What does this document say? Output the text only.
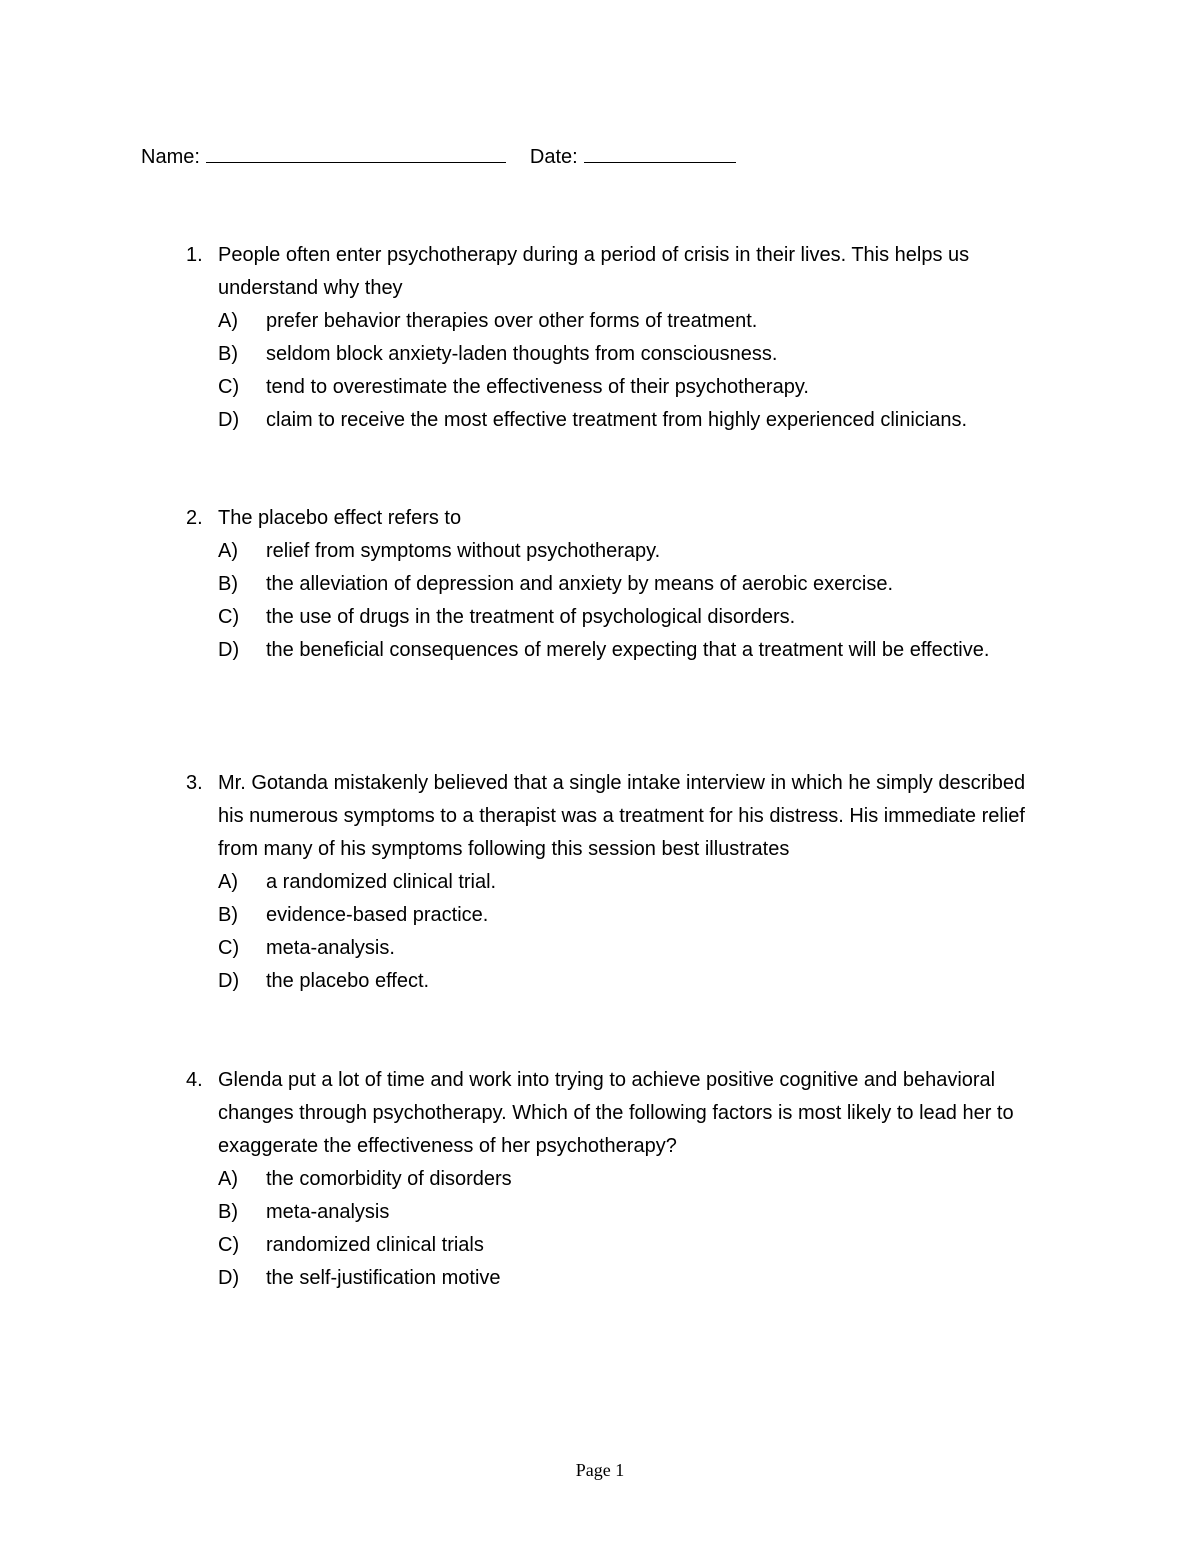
Name:	Date:
1. People often enter psychotherapy during a period of crisis in their lives. This helps us understand why they
A) prefer behavior therapies over other forms of treatment.
B) seldom block anxiety-laden thoughts from consciousness.
C) tend to overestimate the effectiveness of their psychotherapy.
D) claim to receive the most effective treatment from highly experienced clinicians.
2. The placebo effect refers to
A) relief from symptoms without psychotherapy.
B) the alleviation of depression and anxiety by means of aerobic exercise.
C) the use of drugs in the treatment of psychological disorders.
D) the beneficial consequences of merely expecting that a treatment will be effective.
3. Mr. Gotanda mistakenly believed that a single intake interview in which he simply described his numerous symptoms to a therapist was a treatment for his distress. His immediate relief from many of his symptoms following this session best illustrates
A) a randomized clinical trial.
B) evidence-based practice.
C) meta-analysis.
D) the placebo effect.
4. Glenda put a lot of time and work into trying to achieve positive cognitive and behavioral changes through psychotherapy. Which of the following factors is most likely to lead her to exaggerate the effectiveness of her psychotherapy?
A) the comorbidity of disorders
B) meta-analysis
C) randomized clinical trials
D) the self-justification motive
Page 1
